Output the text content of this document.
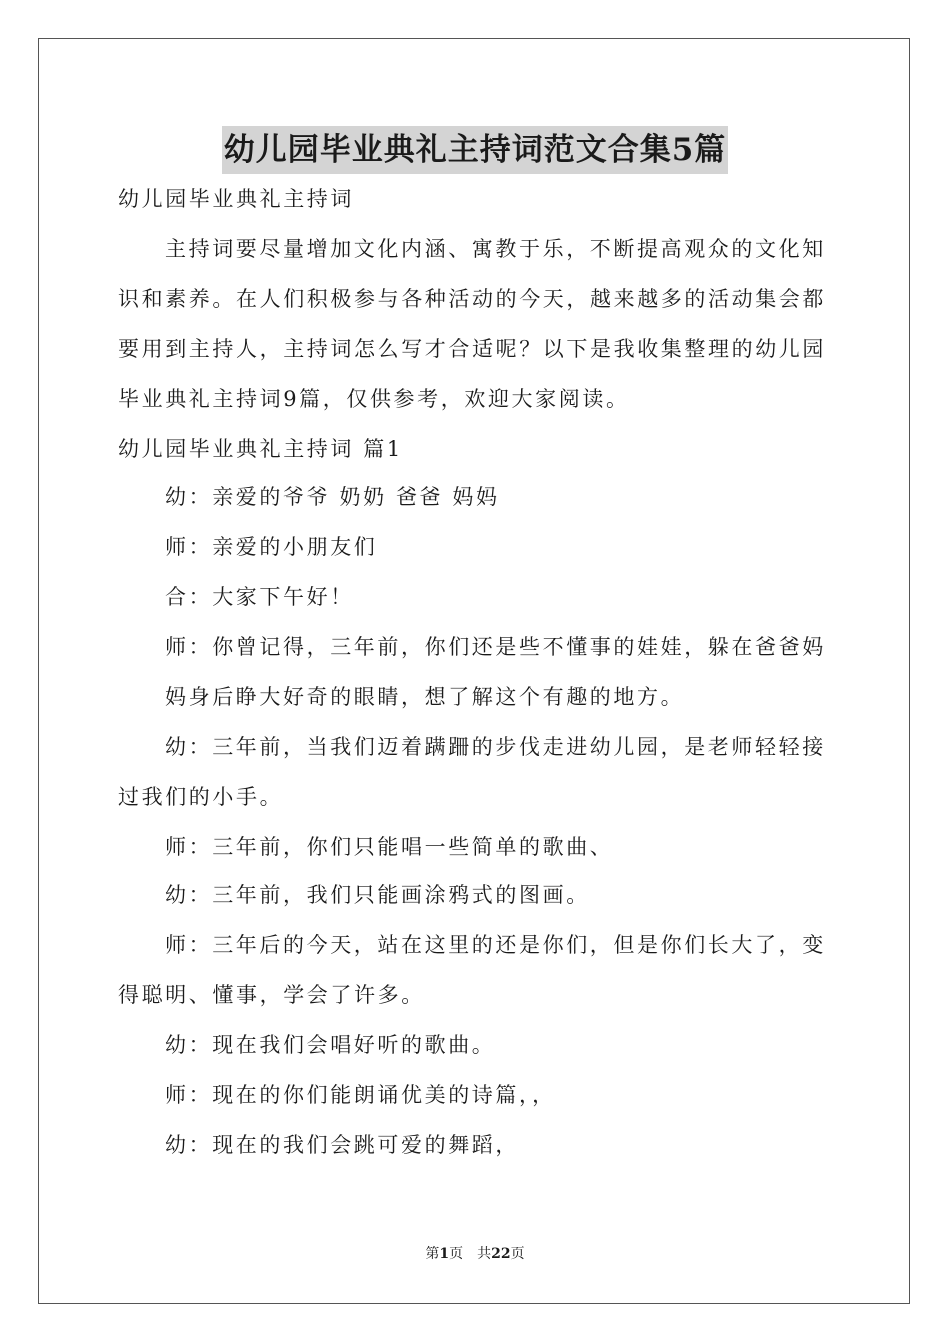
幼儿园毕业典礼主持词范文合集5篇
幼儿园毕业典礼主持词
主持词要尽量增加文化内涵、寓教于乐，不断提高观众的文化知
识和素养。在人们积极参与各种活动的今天，越来越多的活动集会都
要用到主持人，主持词怎么写才合适呢？以下是我收集整理的幼儿园
毕业典礼主持词9篇，仅供参考，欢迎大家阅读。
幼儿园毕业典礼主持词 篇1
幼：亲爱的爷爷 奶奶 爸爸 妈妈
师：亲爱的小朋友们
合：大家下午好！
师：你曾记得，三年前，你们还是些不懂事的娃娃，躲在爸爸妈
妈身后睁大好奇的眼睛，想了解这个有趣的地方。
幼：三年前，当我们迈着蹒跚的步伐走进幼儿园，是老师轻轻接
过我们的小手。
师：三年前，你们只能唱一些简单的歌曲、
幼：三年前，我们只能画涂鸦式的图画。
师：三年后的今天，站在这里的还是你们，但是你们长大了，变
得聪明、懂事，学会了许多。
幼：现在我们会唱好听的歌曲。
师：现在的你们能朗诵优美的诗篇，，
幼：现在的我们会跳可爱的舞蹈，
第1页　共22页
